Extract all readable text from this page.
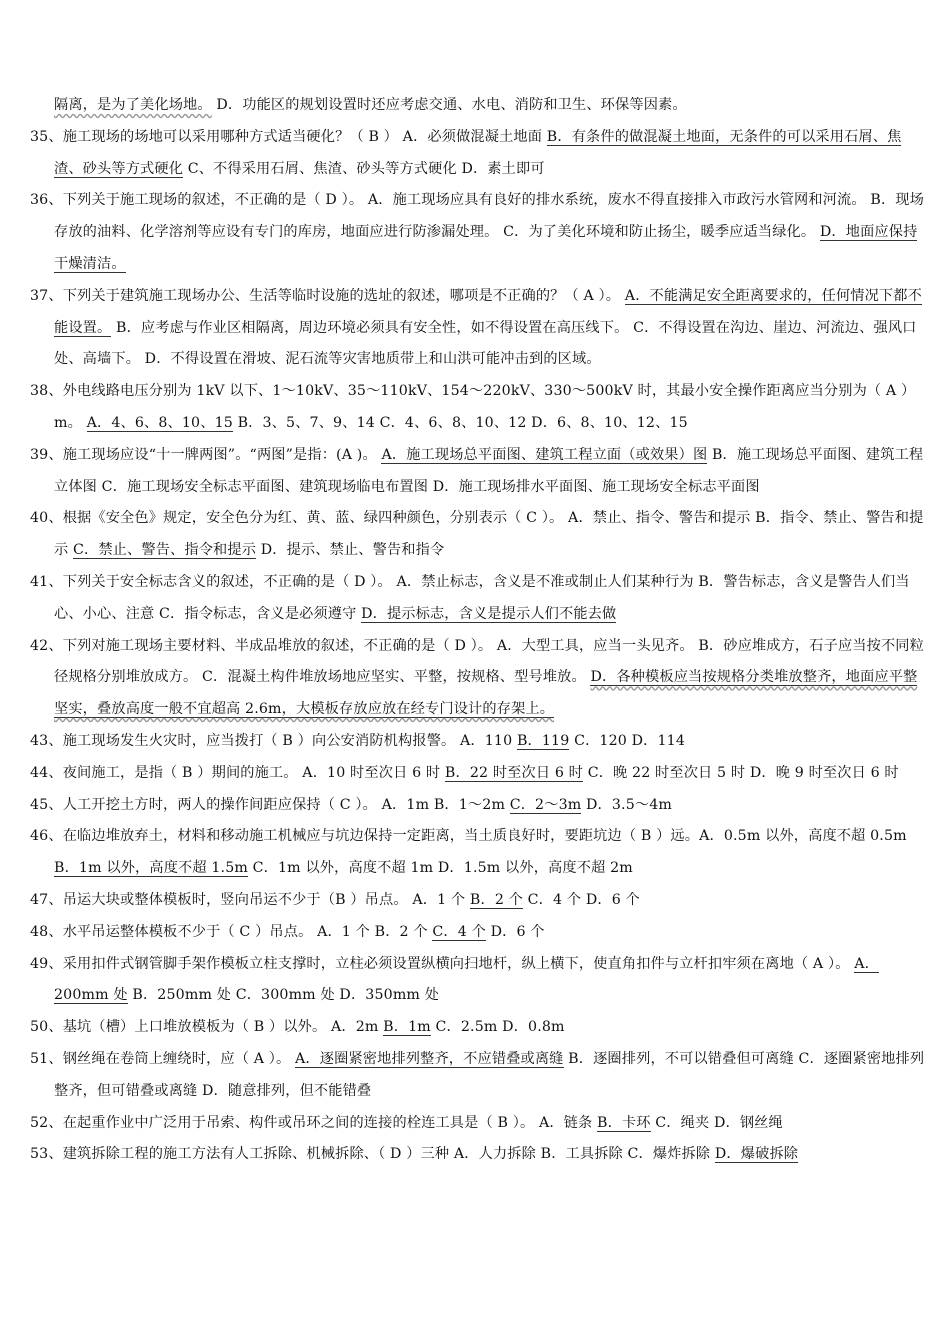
隔离，是为了美化场地。 D．功能区的规划设置时还应考虑交通、水电、消防和卫生、环保等因素。

35、施工现场的场地可以采用哪种方式适当硬化？（ B ） A．必须做混凝土地面 B．有条件的做混凝土地面，无条件的可以采用石屑、焦渣、砂头等方式硬化 C、不得采用石屑、焦渣、砂头等方式硬化 D．素土即可

36、下列关于施工现场的叙述，不正确的是（ D ）。 A．施工现场应具有良好的排水系统，废水不得直接排入市政污水管网和河流。 B．现场存放的油料、化学溶剂等应设有专门的库房，地面应进行防渗漏处理。 C．为了美化环境和防止扬尘，暖季应适当绿化。 D．地面应保持干燥清洁。

37、下列关于建筑施工现场办公、生活等临时设施的选址的叙述，哪项是不正确的？（ A ）。 A．不能满足安全距离要求的，任何情况下都不能设置。 B．应考虑与作业区相隔离，周边环境必须具有安全性，如不得设置在高压线下。 C．不得设置在沟边、崖边、河流边、强风口处、高墙下。 D．不得设置在滑坡、泥石流等灾害地质带上和山洪可能冲击到的区域。

38、外电线路电压分别为 1kV 以下、1～10kV、35～110kV、154～220kV、330～500kV 时，其最小安全操作距离应当分别为（ A ）m。 A．4、6、8、10、15 B．3、5、7、9、14 C．4、6、8、10、12 D．6、8、10、12、15

39、施工现场应设“十一牌两图”。“两图”是指：(A )。 A．施工现场总平面图、建筑工程立面（或效果）图 B．施工现场总平面图、建筑工程立体图 C．施工现场安全标志平面图、建筑现场临电布置图 D．施工现场排水平面图、施工现场安全标志平面图

40、根据《安全色》规定，安全色分为红、黄、蓝、绿四种颜色，分别表示（ C ）。 A．禁止、指令、警告和提示 B．指令、禁止、警告和提示 C．禁止、警告、指令和提示 D．提示、禁止、警告和指令

41、下列关于安全标志含义的叙述，不正确的是（ D ）。 A．禁止标志，含义是不准或制止人们某种行为 B．警告标志，含义是警告人们当心、小心、注意 C．指令标志，含义是必须遵守 D．提示标志，含义是提示人们不能去做

42、下列对施工现场主要材料、半成品堆放的叙述，不正确的是（ D ）。 A．大型工具，应当一头见齐。 B．砂应堆成方，石子应当按不同粒径规格分别堆放成方。 C．混凝土构件堆放场地应坚实、平整，按规格、型号堆放。 D．各种模板应当按规格分类堆放整齐，地面应平整坚实，叠放高度一般不宜超高 2.6m，大模板存放应放在经专门设计的存架上。

43、施工现场发生火灾时，应当拨打（ B ）向公安消防机构报警。 A．110 B．119 C．120 D．114

44、夜间施工，是指（ B ）期间的施工。 A．10 时至次日 6 时 B．22 时至次日 6 时 C．晚 22 时至次日 5 时 D．晚 9 时至次日 6 时

45、人工开挖土方时，两人的操作间距应保持（ C ）。 A．1m B．1～2m C．2～3m D．3.5～4m

46、在临边堆放弃土，材料和移动施工机械应与坑边保持一定距离，当土质良好时，要距坑边（ B ）远。A．0.5m 以外，高度不超 0.5m B．1m 以外，高度不超 1.5m C．1m 以外，高度不超 1m D．1.5m 以外，高度不超 2m

47、吊运大块或整体模板时，竖向吊运不少于（B ）吊点。 A．1 个 B．2 个 C．4 个 D．6 个

48、水平吊运整体模板不少于（ C ）吊点。 A．1 个 B．2 个 C．4 个 D．6 个

49、采用扣件式钢管脚手架作模板立柱支撑时，立柱必须设置纵横向扫地杆，纵上横下，使直角扣件与立杆扣牢须在离地（ A ）。 A．200mm 处 B．250mm 处 C．300mm 处 D．350mm 处

50、基坑（槽）上口堆放模板为（ B ）以外。 A．2m B．1m C．2.5m D．0.8m

51、钢丝绳在卷筒上缠绕时，应（ A ）。 A．逐圈紧密地排列整齐，不应错叠或离缝 B．逐圈排列，不可以错叠但可离缝 C．逐圈紧密地排列整齐，但可错叠或离缝 D．随意排列，但不能错叠

52、在起重作业中广泛用于吊索、构件或吊环之间的连接的栓连工具是（ B ）。 A．链条 B．卡环 C．绳夹 D．钢丝绳

53、建筑拆除工程的施工方法有人工拆除、机械拆除、（ D ）三种 A．人力拆除 B．工具拆除 C．爆炸拆除 D．爆破拆除
